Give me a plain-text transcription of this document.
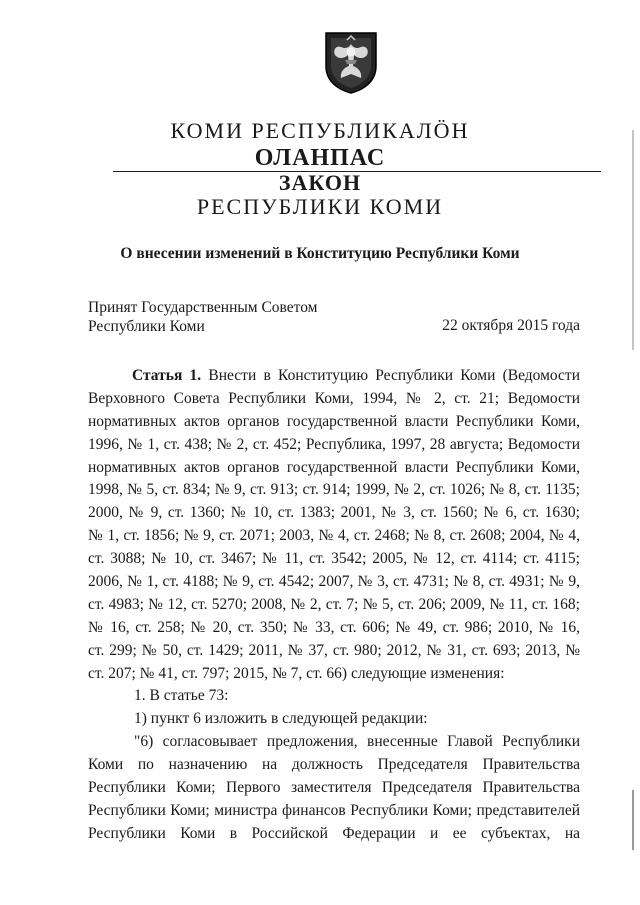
КОМИ РЕСПУБЛИКАЛÖН
ОЛАНПАС
ЗАКОН
РЕСПУБЛИКИ КОМИ
О внесении изменений в Конституцию Республики Коми
Принят Государственным Советом
Республики Коми	22 октября 2015 года
Статья 1. Внести в Конституцию Республики Коми (Ведомости
Верховного Совета Республики Коми, 1994, № 2, ст. 21; Ведомости
нормативных актов органов государственной власти Республики Коми,
1996, № 1, ст. 438; № 2, ст. 452; Республика, 1997, 28 августа; Ведомости
нормативных актов органов государственной власти Республики Коми,
1998, № 5, ст. 834; № 9, ст. 913; ст. 914; 1999, № 2, ст. 1026; № 8, ст. 1135;
2000, № 9, ст. 1360; № 10, ст. 1383; 2001, № 3, ст. 1560; № 6, ст. 1630;
№ 1, ст. 1856; № 9, ст. 2071; 2003, № 4, ст. 2468; № 8, ст. 2608; 2004, № 4,
ст. 3088; № 10, ст. 3467; № 11, ст. 3542; 2005, № 12, ст. 4114; ст. 4115;
2006, № 1, ст. 4188; № 9, ст. 4542; 2007, № 3, ст. 4731; № 8, ст. 4931; № 9,
ст. 4983; № 12, ст. 5270; 2008, № 2, ст. 7; № 5, ст. 206; 2009, № 11, ст. 168;
№ 16, ст. 258; № 20, ст. 350; № 33, ст. 606; № 49, ст. 986; 2010, № 16,
ст. 299; № 50, ст. 1429; 2011, № 37, ст. 980; 2012, № 31, ст. 693; 2013, №
ст. 207; № 41, ст. 797; 2015, № 7, ст. 66) следующие изменения:
1. В статье 73:
1) пункт 6 изложить в следующей редакции:
"6) согласовывает предложения, внесенные Главой Республики
Коми по назначению на должность Председателя Правительства
Республики Коми; Первого заместителя Председателя Правительства
Республики Коми; министра финансов Республики Коми; представителей
Республики Коми в Российской Федерации и ее субъектах, на
